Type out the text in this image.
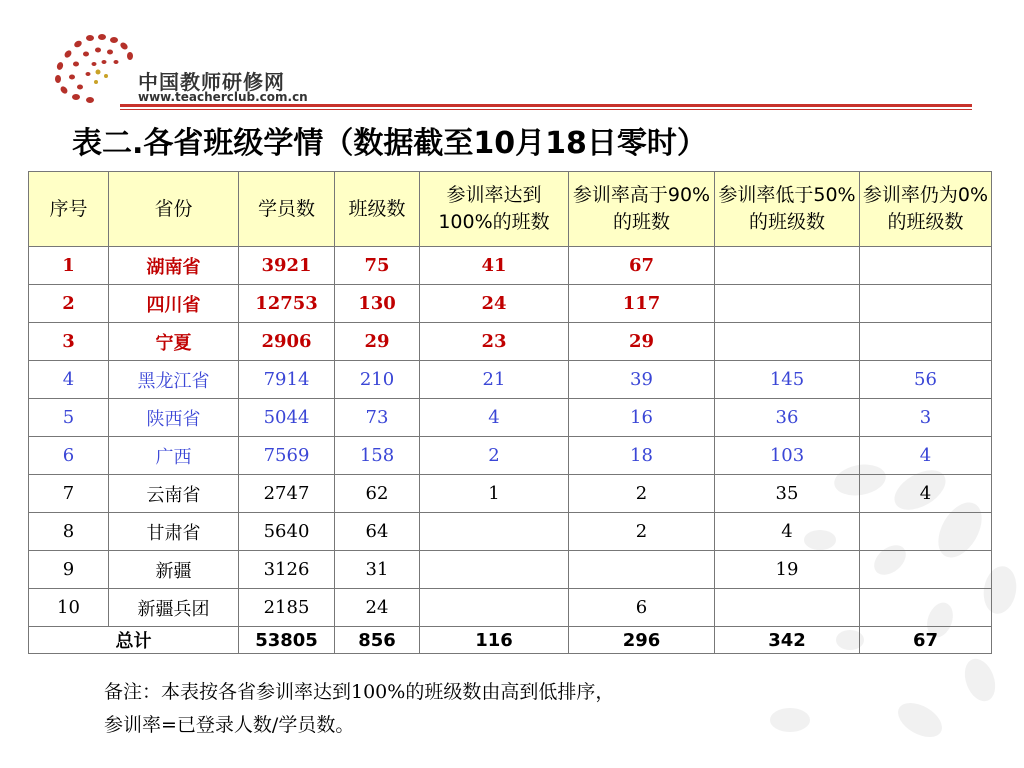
中国教师研修网
www.teacherclub.com.cn
表二.各省班级学情（数据截至10月18日零时）
序号	省份	学员数	班级数	参训率达到100%的班数	参训率高于90%的班数	参训率低于50%的班级数	参训率仍为0%的班级数
1	湖南省	3921	75	41	67		
2	四川省	12753	130	24	117		
3	宁夏	2906	29	23	29		
4	黑龙江省	7914	210	21	39	145	56
5	陕西省	5044	73	4	16	36	3
6	广西	7569	158	2	18	103	4
7	云南省	2747	62	1	2	35	4
8	甘肃省	5640	64		2	4	
9	新疆	3126	31			19	
10	新疆兵团	2185	24		6		
总计		53805	856	116	296	342	67
备注：本表按各省参训率达到100%的班级数由高到低排序，
参训率=已登录人数/学员数。
